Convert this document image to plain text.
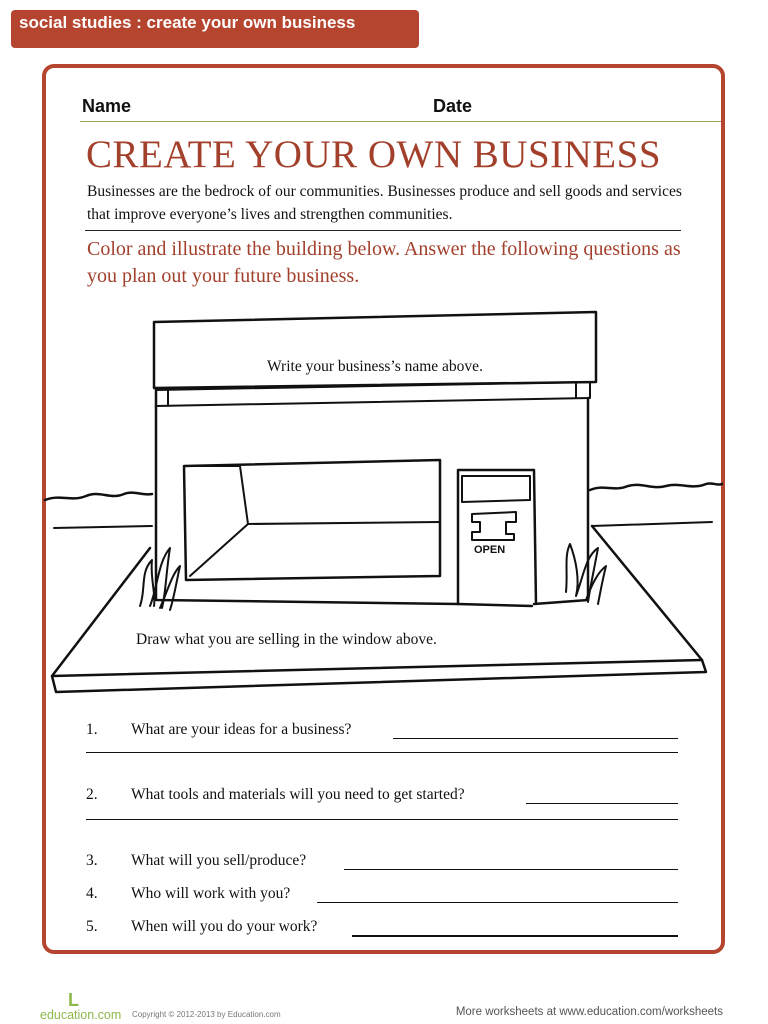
social studies : create your own business
Name	Date
CREATE YOUR OWN BUSINESS
Businesses are the bedrock of our communities. Businesses produce and sell goods and services that improve everyone’s lives and strengthen communities.
Color and illustrate the building below. Answer the following questions as you plan out your future business.
OPEN
Write your business’s name above.
Draw what you are selling in the window above.
1. What are your ideas for a business?
2. What tools and materials will you need to get started?
3. What will you sell/produce?
4. Who will work with you?
5. When will you do your work?
L
education.com Copyright © 2012-2013 by Education.com	More worksheets at www.education.com/worksheets
